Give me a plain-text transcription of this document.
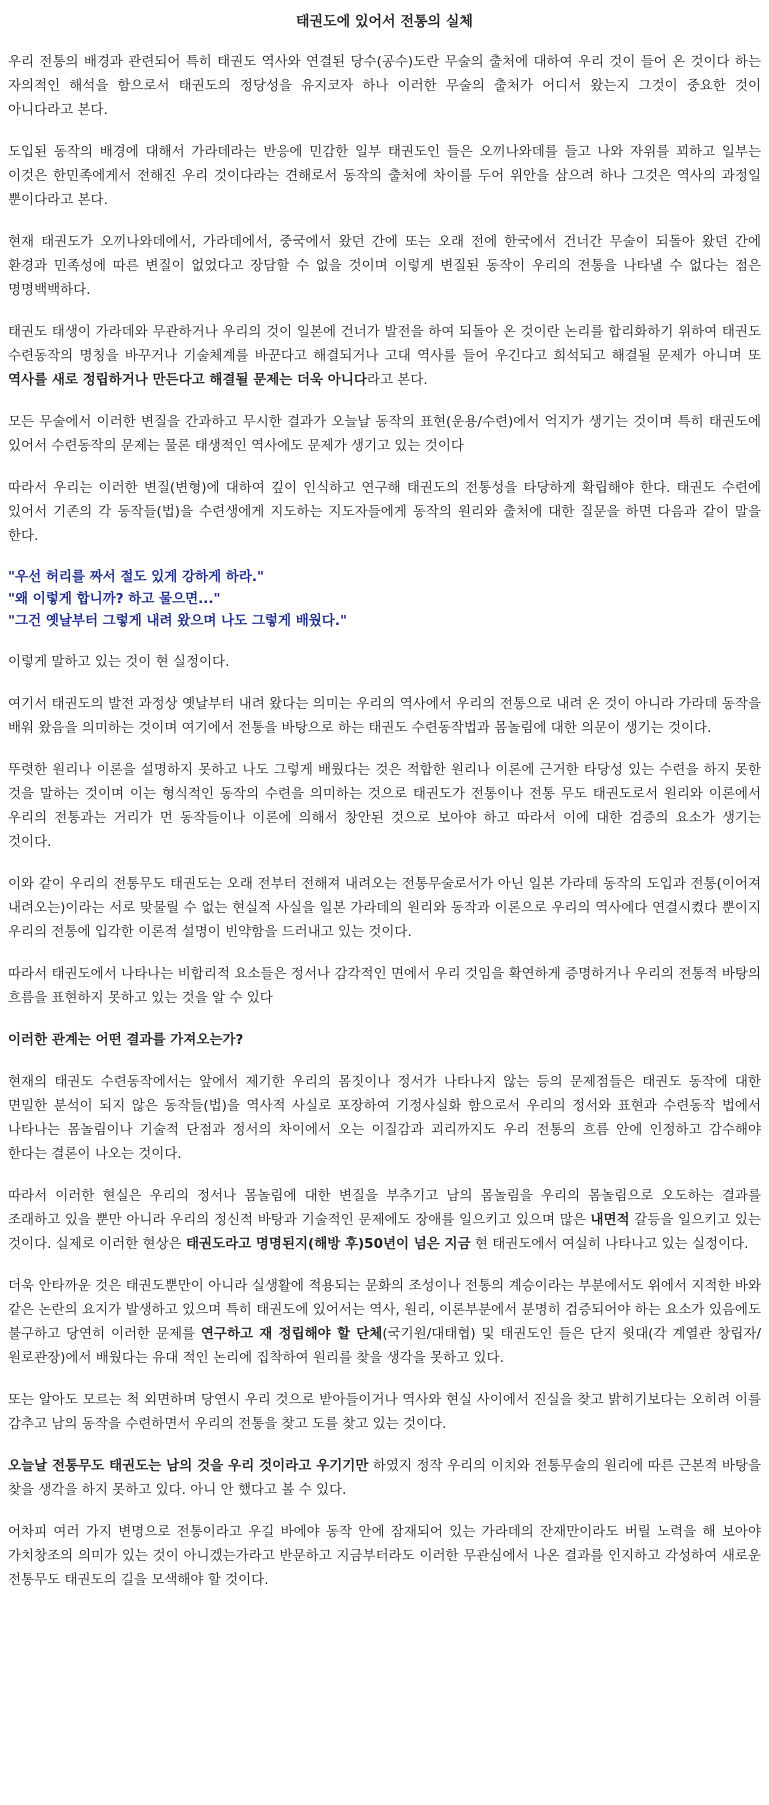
태권도에 있어서 전통의 실체

우리 전통의 배경과 관련되어 특히 태권도 역사와 연결된 당수(공수)도란 무술의 출처에 대하여 우리 것이 들어 온 것이다 하는 자의적인 해석을 함으로서 태권도의 정당성을 유지코자 하나 이러한 무술의 출처가 어디서 왔는지 그것이 중요한 것이 아니다라고 본다.

도입된 동작의 배경에 대해서 가라데라는 반응에 민감한 일부 태권도인 들은 오끼나와데를 들고 나와 자위를 꾀하고 일부는 이것은 한민족에게서 전해진 우리 것이다라는 견해로서 동작의 출처에 차이를 두어 위안을 삼으려 하나 그것은 역사의 과정일 뿐이다라고 본다.

현재 태권도가 오끼나와데에서, 가라데에서, 중국에서 왔던 간에 또는 오래 전에 한국에서 건너간 무술이 되돌아 왔던 간에 환경과 민족성에 따른 변질이 없었다고 장담할 수 없을 것이며 이렇게 변질된 동작이 우리의 전통을 나타낼 수 없다는 점은 명명백백하다.

태권도 태생이 가라데와 무관하거나 우리의 것이 일본에 건너가 발전을 하여 되돌아 온 것이란 논리를 합리화하기 위하여 태권도 수련동작의 명칭을 바꾸거나 기술체계를 바꾼다고 해결되거나 고대 역사를 들어 우긴다고 희석되고 해결될 문제가 아니며 또 역사를 새로 정립하거나 만든다고 해결될 문제는 더욱 아니다라고 본다.

모든 무술에서 이러한 변질을 간과하고 무시한 결과가 오늘날 동작의 표현(운용/수련)에서 억지가 생기는 것이며 특히 태권도에 있어서 수련동작의 문제는 물론 태생적인 역사에도 문제가 생기고 있는 것이다

따라서 우리는 이러한 변질(변형)에 대하여 깊이 인식하고 연구해 태권도의 전통성을 타당하게 확립해야 한다. 태권도 수련에 있어서 기존의 각 동작들(법)을 수련생에게 지도하는 지도자들에게 동작의 원리와 출처에 대한 질문을 하면 다음과 같이 말을 한다.

"우선 허리를 짜서 절도 있게 강하게 하라."

"왜 이렇게 합니까? 하고 물으면..."

"그건 옛날부터 그렇게 내려 왔으며 나도 그렇게 배웠다."

이렇게 말하고 있는 것이 현 실정이다.

여기서 태권도의 발전 과정상 옛날부터 내려 왔다는 의미는 우리의 역사에서 우리의 전통으로 내려 온 것이 아니라 가라데 동작을 배워 왔음을 의미하는 것이며 여기에서 전통을 바탕으로 하는 태권도 수련동작법과 몸놀림에 대한 의문이 생기는 것이다.

뚜렷한 원리나 이론을 설명하지 못하고 나도 그렇게 배웠다는 것은 적합한 원리나 이론에 근거한 타당성 있는 수련을 하지 못한 것을 말하는 것이며 이는 형식적인 동작의 수련을 의미하는 것으로 태권도가 전통이나 전통 무도 태권도로서 원리와 이론에서 우리의 전통과는 거리가 먼 동작들이나 이론에 의해서 창안된 것으로 보아야 하고 따라서 이에 대한 검증의 요소가 생기는 것이다.

이와 같이 우리의 전통무도 태권도는 오래 전부터 전해져 내려오는 전통무술로서가 아닌 일본 가라데 동작의 도입과 전통(이어져 내려오는)이라는 서로 맞물릴 수 없는 현실적 사실을 일본 가라데의 원리와 동작과 이론으로 우리의 역사에다 연결시켰다 뿐이지 우리의 전통에 입각한 이론적 설명이 빈약함을 드러내고 있는 것이다.

따라서 태권도에서 나타나는 비합리적 요소들은 정서나 감각적인 면에서 우리 것임을 확연하게 증명하거나 우리의 전통적 바탕의 흐름을 표현하지 못하고 있는 것을 알 수 있다

이러한 관계는 어떤 결과를 가져오는가?

현재의 태권도 수련동작에서는 앞에서 제기한 우리의 몸짓이나 정서가 나타나지 않는 등의 문제점들은 태권도 동작에 대한 면밀한 분석이 되지 않은 동작들(법)을 역사적 사실로 포장하여 기정사실화 함으로서 우리의 정서와 표현과 수련동작 법에서 나타나는 몸놀림이나 기술적 단점과 정서의 차이에서 오는 이질감과 괴리까지도 우리 전통의 흐름 안에 인정하고 감수해야 한다는 결론이 나오는 것이다.

따라서 이러한 현실은 우리의 정서나 몸놀림에 대한 변질을 부추기고 남의 몸놀림을 우리의 몸놀림으로 오도하는 결과를 조래하고 있을 뿐만 아니라 우리의 정신적 바탕과 기술적인 문제에도 장애를 일으키고 있으며 많은 내면적 갈등을 일으키고 있는 것이다. 실제로 이러한 현상은 태권도라고 명명된지(해방 후)50년이 넘은 지금 현 태권도에서 여실히 나타나고 있는 실정이다.

더욱 안타까운 것은 태권도뿐만이 아니라 실생활에 적용되는 문화의 조성이나 전통의 계승이라는 부분에서도 위에서 지적한 바와 같은 논란의 요지가 발생하고 있으며 특히 태권도에 있어서는 역사, 원리, 이론부분에서 분명히 검증되어야 하는 요소가 있음에도 불구하고 당연히 이러한 문제를 연구하고 재 정립해야 할 단체(국기원/대태협) 및 태권도인 들은 단지 윗대(각 계열관 창립자/원로관장)에서 배웠다는 유대 적인 논리에 집착하여 원리를 찾을 생각을 못하고 있다.

또는 알아도 모르는 척 외면하며 당연시 우리 것으로 받아들이거나 역사와 현실 사이에서 진실을 찾고 밝히기보다는 오히려 이를 감추고 남의 동작을 수련하면서 우리의 전통을 찾고 도를 찾고 있는 것이다.

오늘날 전통무도 태권도는 남의 것을 우리 것이라고 우기기만 하였지 정작 우리의 이치와 전통무술의 원리에 따른 근본적 바탕을 찾을 생각을 하지 못하고 있다. 아니 안 했다고 볼 수 있다.

어차피 여러 가지 변명으로 전통이라고 우길 바에야 동작 안에 잠재되어 있는 가라데의 잔재만이라도 버릴 노력을 해 보아야 가치창조의 의미가 있는 것이 아니겠는가라고 반문하고 지금부터라도 이러한 무관심에서 나온 결과를 인지하고 각성하여 새로운 전통무도 태권도의 길을 모색해야 할 것이다.
